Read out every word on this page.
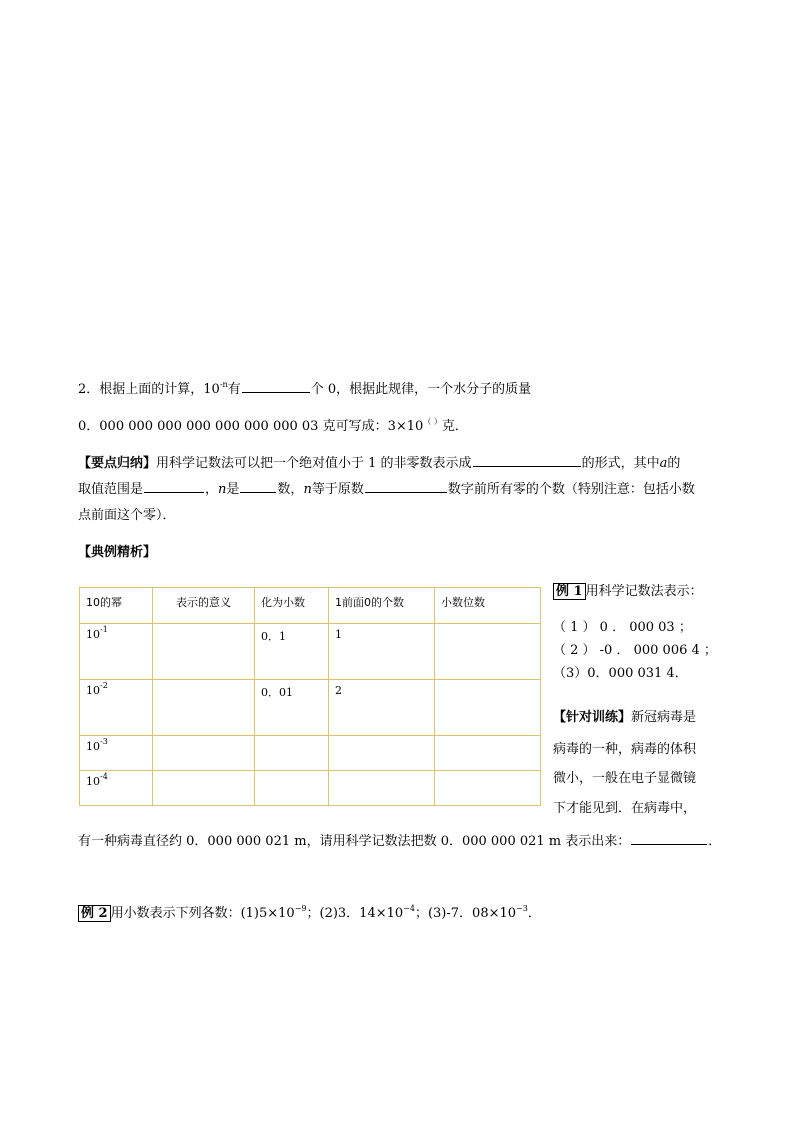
2．根据上面的计算，$10^{-n}$有	个 0，根据此规律，一个水分子的质量
0．000 000 000 000 000 000 000 03 克可写成：3×10（ ）克．
【要点归纳】用科学记数法可以把一个绝对值小于 1 的非零数表示成	的形式，其中a的
取值范围是	，n是	数，n等于原数	数字前所有零的个数（特别注意：包括小数
点前面这个零）．
【典例精析】
10的幂	表示的意义	化为小数	1前面0的个数	小数位数
$10^{-1}$		0．1	1	
$10^{-2}$		0．01	2	
$10^{-3}$				
$10^{-4}$				
例 1 用科学记数法表示：
（ 1 ） 0 ． 000 03 ；
（ 2 ） -0 ． 000 006 4 ；
（3）0．000 031 4．
【针对训练】新冠病毒是
病毒的一种，病毒的体积
微小，一般在电子显微镜
下才能见到．在病毒中，
有一种病毒直径约 0．000 000 021 m，请用科学记数法把数 0．000 000 021 m 表示出来：	．
例 2 用小数表示下列各数：$(1)5\times 10^{-9}$；(2)3．$14\times 10^{-4}$；(3)-7．$08\times 10^{-3}$．
